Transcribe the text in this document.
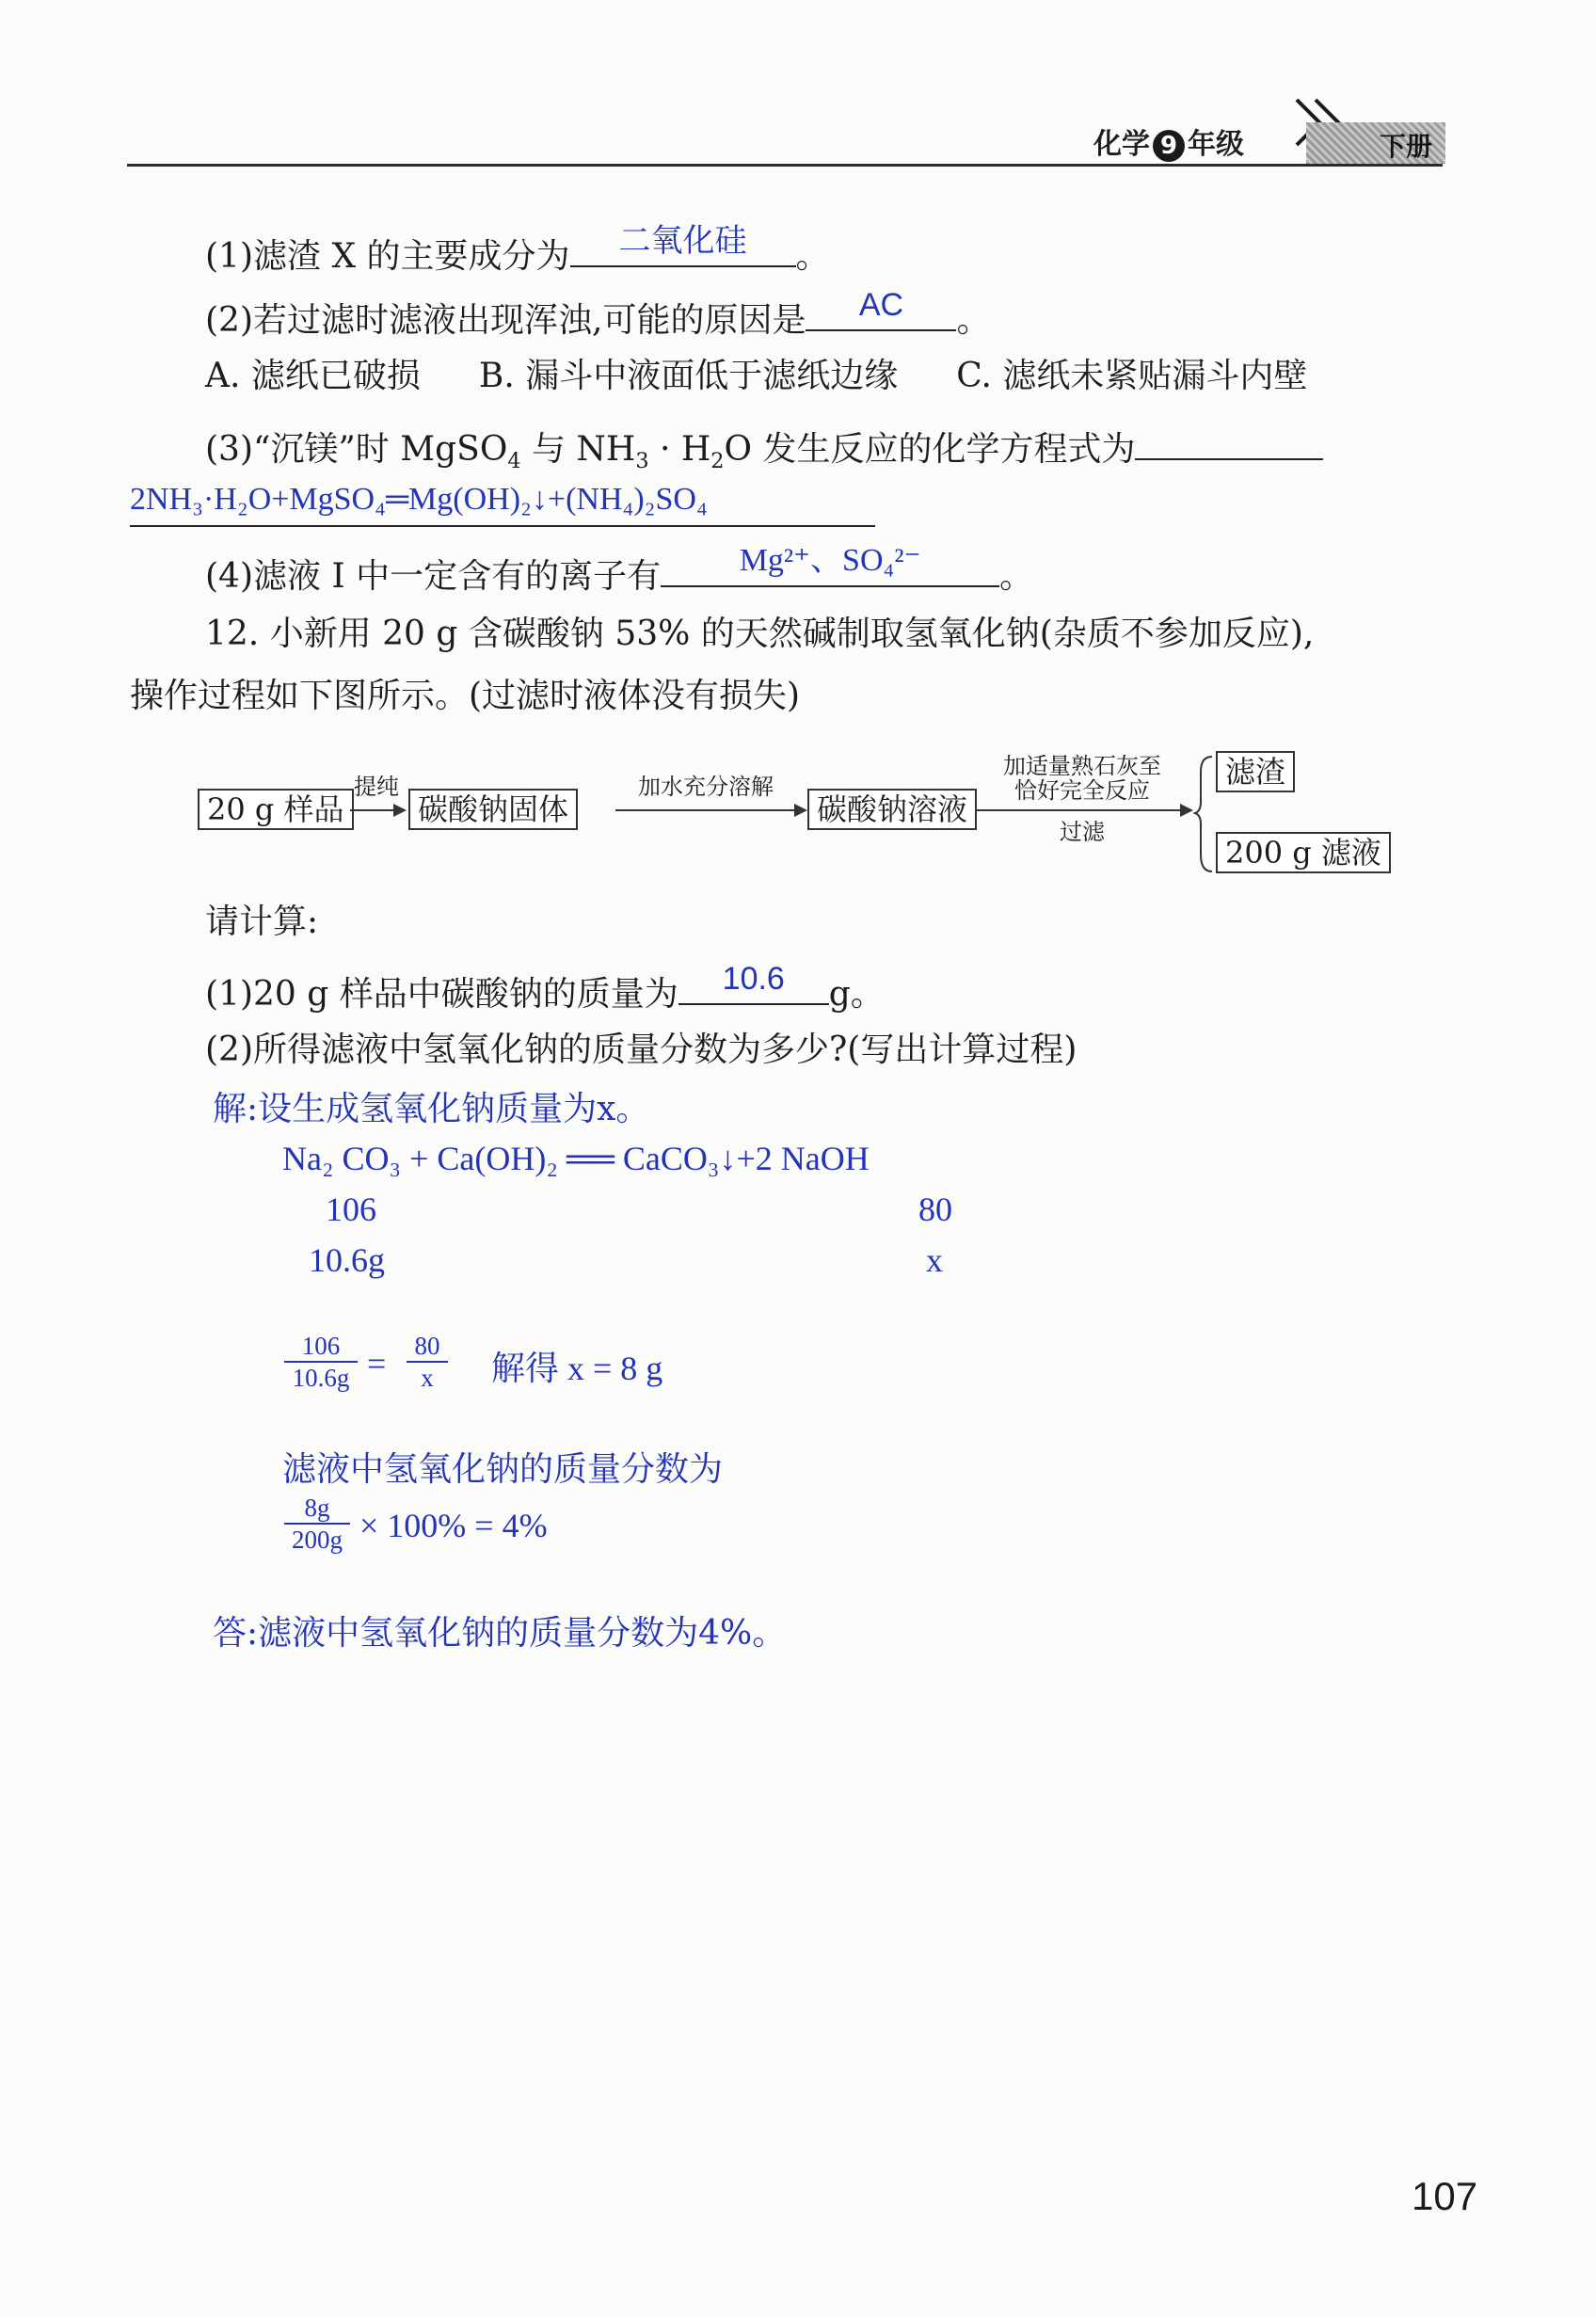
化学 9 年级	下册
(1)滤渣 X 的主要成分为	二氧化硅	。
(2)若过滤时滤液出现浑浊,可能的原因是	AC	。
A. 滤纸已破损 B. 漏斗中液面低于滤纸边缘 C. 滤纸未紧贴漏斗内壁
(3)“沉镁”时 MgSO$_4$ 与 $NH_3 \cdot H_2O$ 发生反应的化学方程式为
2NH₃·H₂O+MgSO₄═Mg(OH)₂↓+(NH₄)₂SO₄
(4)滤液 Ⅰ 中一定含有的离子有	Mg²⁺、SO₄²⁻	。
12. 小新用 20 g 含碳酸钠 53% 的天然碱制取氢氧化钠(杂质不参加反应),
操作过程如下图所示。(过滤时液体没有损失)
20 g 样品
提纯
碳酸钠固体
加水充分溶解
碳酸钠溶液
加适量熟石灰至
恰好完全反应
过滤
滤渣
200 g 滤液
请计算:
(1)20 g 样品中碳酸钠的质量为	10.6	g。
(2)所得滤液中氢氧化钠的质量分数为多少?(写出计算过程)
解:设生成氢氧化钠质量为x。
Na₂ CO₃ + Ca(OH)₂ ══ CaCO₃↓+2 NaOH
106	80
10.6g	x
106
10.6g =	80
x	解得 x = 8 g
滤液中氢氧化钠的质量分数为
8g
200g × 100% = 4%
答:滤液中氢氧化钠的质量分数为4%。
107
